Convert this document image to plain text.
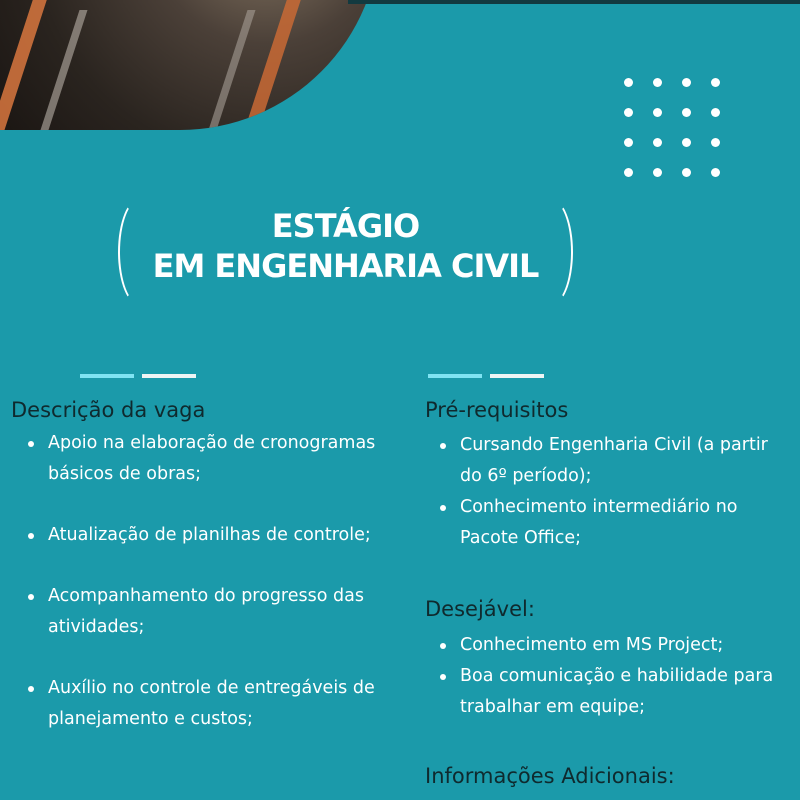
ESTÁGIO
EM ENGENHARIA CIVIL
Descrição da vaga
Apoio na elaboração de cronogramas básicos de obras;
Atualização de planilhas de controle;
Acompanhamento do progresso das atividades;
Auxílio no controle de entregáveis de planejamento e custos;
Pré-requisitos
Cursando Engenharia Civil (a partir do 6º período);
Conhecimento intermediário no Pacote Office;
Desejável:
Conhecimento em MS Project;
Boa comunicação e habilidade para trabalhar em equipe;
Informações Adicionais:
